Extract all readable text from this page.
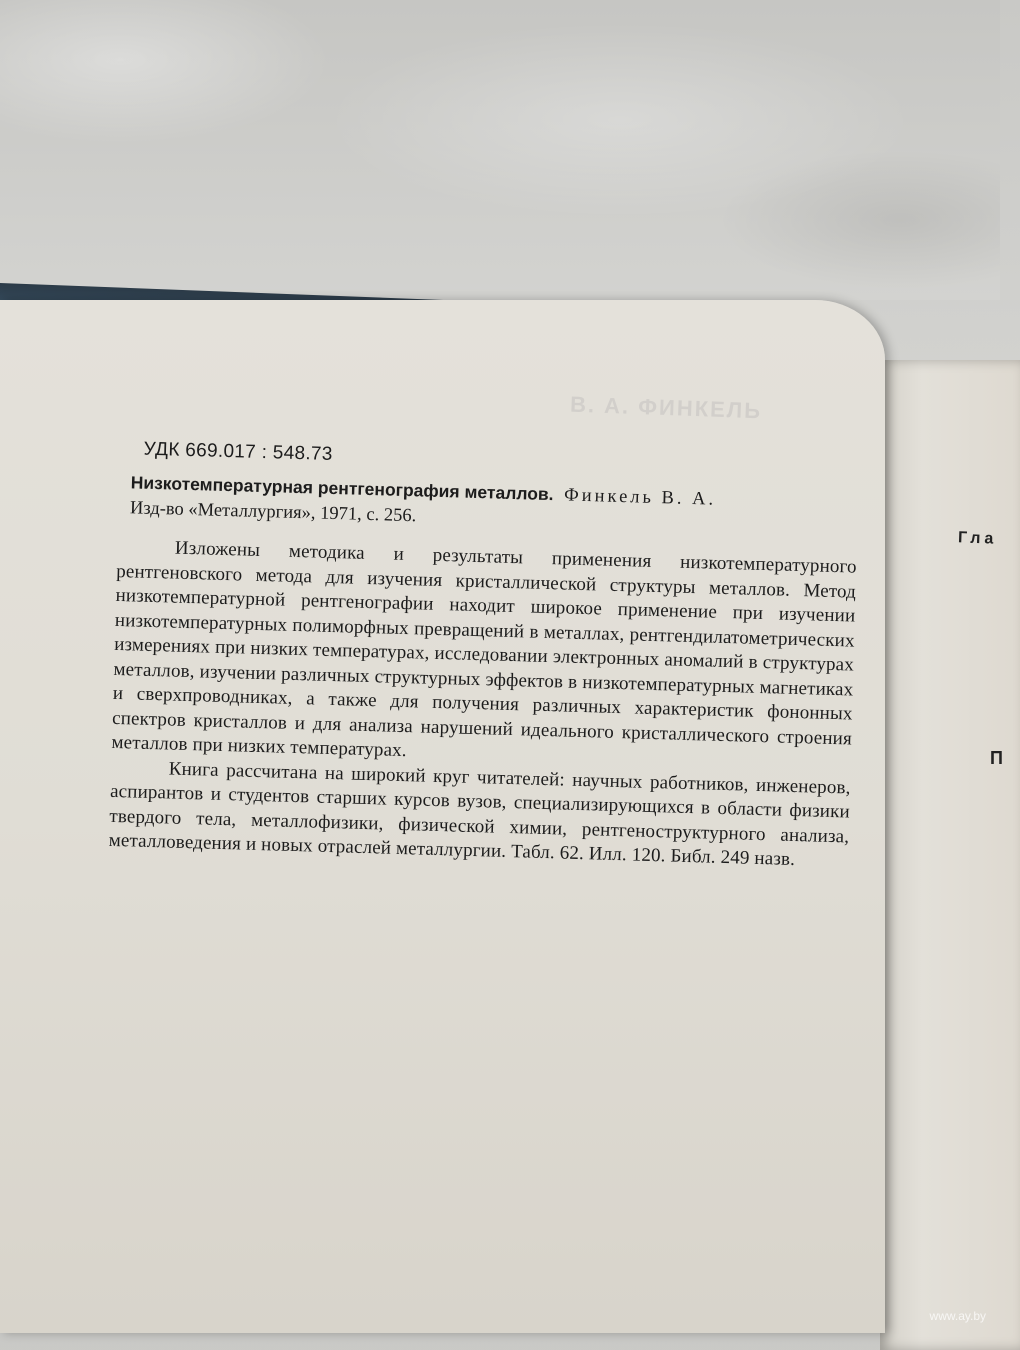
Гла
П
В. А. ФИНКЕЛЬ
УДК 669.017 : 548.73
Низкотемпературная рентгенография металлов. Финкель В. А.
Изд-во «Металлургия», 1971, с. 256.

Изложены методика и результаты применения низкотемпературного рентгеновского метода для изучения кристаллической структуры металлов. Метод низкотемпературной рентгенографии находит широкое применение при изучении низкотемпературных полиморфных превращений в металлах, рентгендилатометрических измерениях при низких температурах, исследовании электронных аномалий в структурах металлов, изучении различных структурных эффектов в низкотемпературных магнетиках и сверхпроводниках, а также для получения различных характеристик фононных спектров кристаллов и для анализа нарушений идеального кристаллического строения металлов при низких температурах.

Книга рассчитана на широкий круг читателей: научных работников, инженеров, аспирантов и студентов старших курсов вузов, специализирующихся в области физики твердого тела, металлофизики, физической химии, рентгеноструктурного анализа, металловедения и новых отраслей металлургии. Табл. 62. Илл. 120. Библ. 249 назв.

www.ay.by
